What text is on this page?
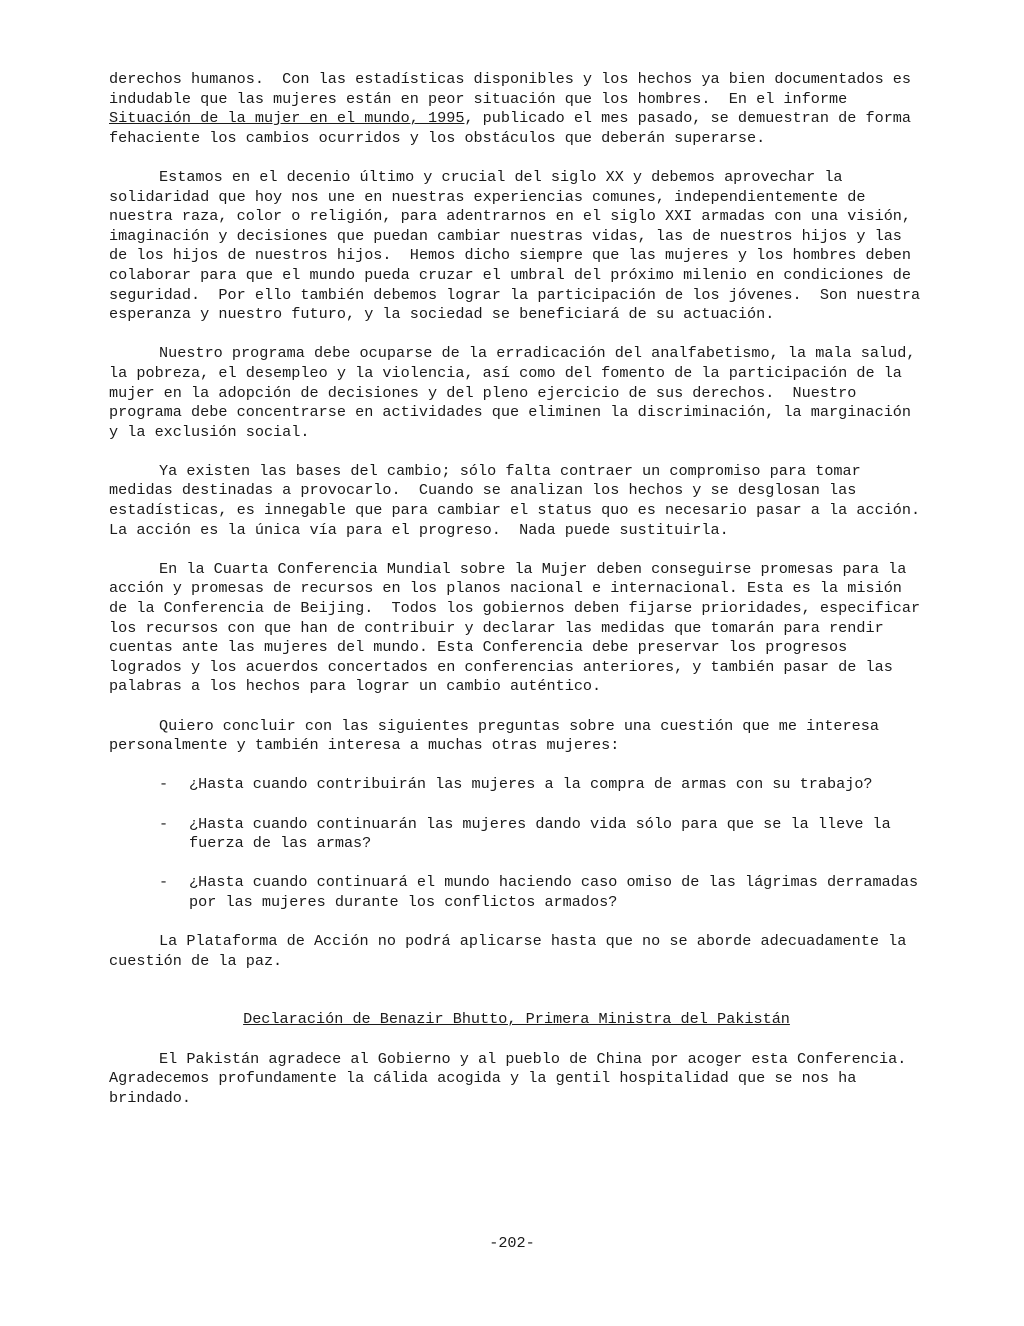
derechos humanos.  Con las estadísticas disponibles y los hechos ya bien documentados es indudable que las mujeres están en peor situación que los hombres.  En el informe Situación de la mujer en el mundo, 1995, publicado el mes pasado, se demuestran de forma fehaciente los cambios ocurridos y los obstáculos que deberán superarse.

Estamos en el decenio último y crucial del siglo XX y debemos aprovechar la solidaridad que hoy nos une en nuestras experiencias comunes, independientemente de nuestra raza, color o religión, para adentrarnos en el siglo XXI armadas con una visión, imaginación y decisiones que puedan cambiar nuestras vidas, las de nuestros hijos y las de los hijos de nuestros hijos.  Hemos dicho siempre que las mujeres y los hombres deben colaborar para que el mundo pueda cruzar el umbral del próximo milenio en condiciones de seguridad.  Por ello también debemos lograr la participación de los jóvenes.  Son nuestra esperanza y nuestro futuro, y la sociedad se beneficiará de su actuación.

Nuestro programa debe ocuparse de la erradicación del analfabetismo, la mala salud, la pobreza, el desempleo y la violencia, así como del fomento de la participación de la mujer en la adopción de decisiones y del pleno ejercicio de sus derechos.  Nuestro programa debe concentrarse en actividades que eliminen la discriminación, la marginación y la exclusión social.

Ya existen las bases del cambio; sólo falta contraer un compromiso para tomar medidas destinadas a provocarlo.  Cuando se analizan los hechos y se desglosan las estadísticas, es innegable que para cambiar el status quo es necesario pasar a la acción.  La acción es la única vía para el progreso.  Nada puede sustituirla.

En la Cuarta Conferencia Mundial sobre la Mujer deben conseguirse promesas para la acción y promesas de recursos en los planos nacional e internacional. Esta es la misión de la Conferencia de Beijing.  Todos los gobiernos deben fijarse prioridades, especificar los recursos con que han de contribuir y declarar las medidas que tomarán para rendir cuentas ante las mujeres del mundo. Esta Conferencia debe preservar los progresos logrados y los acuerdos concertados en conferencias anteriores, y también pasar de las palabras a los hechos para lograr un cambio auténtico.

Quiero concluir con las siguientes preguntas sobre una cuestión que me interesa personalmente y también interesa a muchas otras mujeres:

- ¿Hasta cuando contribuirán las mujeres a la compra de armas con su trabajo?
- ¿Hasta cuando continuarán las mujeres dando vida sólo para que se la lleve la fuerza de las armas?
- ¿Hasta cuando continuará el mundo haciendo caso omiso de las lágrimas derramadas por las mujeres durante los conflictos armados?

La Plataforma de Acción no podrá aplicarse hasta que no se aborde adecuadamente la cuestión de la paz.

Declaración de Benazir Bhutto, Primera Ministra del Pakistán

El Pakistán agradece al Gobierno y al pueblo de China por acoger esta Conferencia.  Agradecemos profundamente la cálida acogida y la gentil hospitalidad que se nos ha brindado.

-202-
